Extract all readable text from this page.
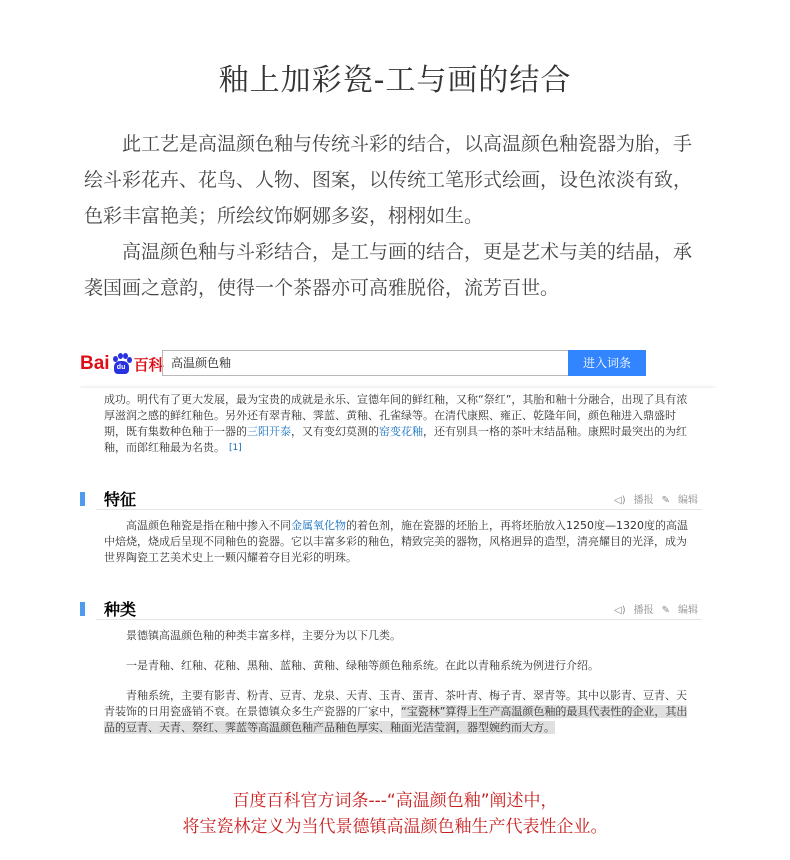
釉上加彩瓷-工与画的结合

此工艺是高温颜色釉与传统斗彩的结合，以高温颜色釉瓷器为胎，手绘斗彩花卉、花鸟、人物、图案，以传统工笔形式绘画，设色浓淡有致，色彩丰富艳美；所绘纹饰婀娜多姿，栩栩如生。

高温颜色釉与斗彩结合，是工与画的结合，更是艺术与美的结晶，承袭国画之意韵，使得一个茶器亦可高雅脱俗，流芳百世。

Bai	du 百科 高温颜色釉	进入词条
成功。明代有了更大发展，最为宝贵的成就是永乐、宣德年间的鲜红釉，又称“祭红”，其胎和釉十分融合，出现了具有浓厚滋润之感的鲜红釉色。另外还有翠青釉、霁蓝、黄釉、孔雀绿等。在清代康熙、雍正、乾隆年间，颜色釉进入鼎盛时期，既有集数种色釉于一器的三阳开泰，又有变幻莫测的窑变花釉，还有别具一格的茶叶末结晶釉。康熙时最突出的为红釉，而郎红釉最为名贵。 [1]
特征	◁) 播报 ✎ 编辑
高温颜色釉瓷是指在釉中掺入不同金属氧化物的着色剂，施在瓷器的坯胎上，再将坯胎放入1250度—1320度的高温中焙烧，烧成后呈现不同釉色的瓷器。它以丰富多彩的釉色，精致完美的器物，风格迥异的造型，清亮耀目的光泽，成为世界陶瓷工艺美术史上一颗闪耀着夺目光彩的明珠。
种类	◁) 播报 ✎ 编辑
景德镇高温颜色釉的种类丰富多样，主要分为以下几类。
一是青釉、红釉、花釉、黑釉、蓝釉、黄釉、绿釉等颜色釉系统。在此以青釉系统为例进行介绍。
青釉系统，主要有影青、粉青、豆青、龙泉、天青、玉青、蛋青、茶叶青、梅子青、翠青等。其中以影青、豆青、天青装饰的日用瓷盛销不衰。在景德镇众多生产瓷器的厂家中，“宝瓷林”算得上生产高温颜色釉的最具代表性的企业，其出品的豆青、天青、祭红、霁蓝等高温颜色釉产品釉色厚实、釉面光洁莹润，器型婉约而大方。
百度百科官方词条---“高温颜色釉”阐述中，
将宝瓷林定义为当代景德镇高温颜色釉生产代表性企业。
